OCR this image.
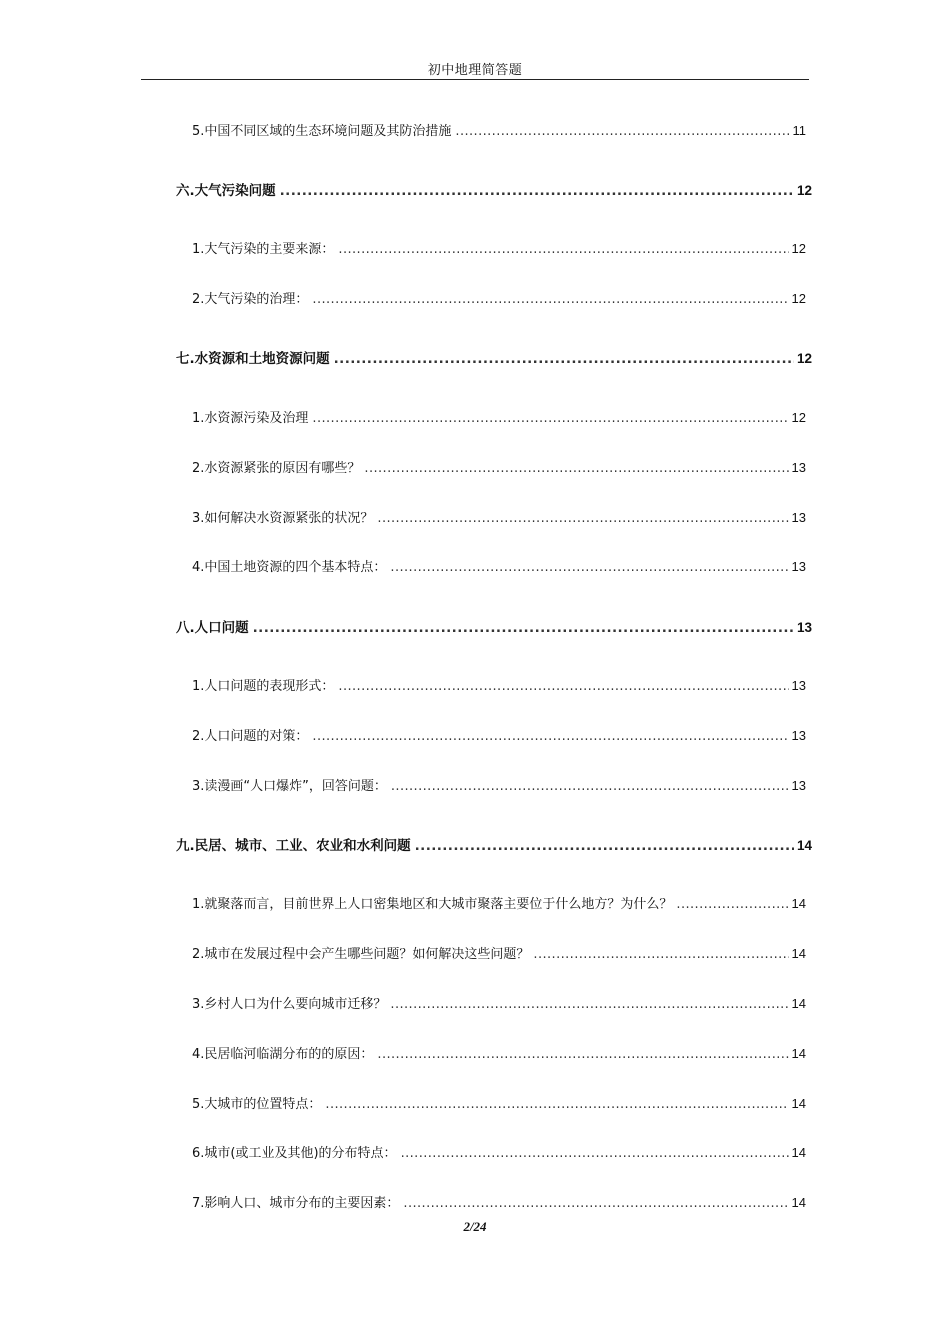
初中地理简答题
5.中国不同区域的生态环境问题及其防治措施 .....	11
六.大气污染问题 .....	12
1.大气污染的主要来源： .....	12
2.大气污染的治理： .....	12
七.水资源和土地资源问题 .....	12
1.水资源污染及治理 .....	12
2.水资源紧张的原因有哪些？ .....	13
3.如何解决水资源紧张的状况？ .....	13
4.中国土地资源的四个基本特点： .....	13
八.人口问题 .....	13
1.人口问题的表现形式： .....	13
2.人口问题的对策： .....	13
3.读漫画“人口爆炸”，回答问题： .....	13
九.民居、城市、工业、农业和水利问题 .....	14
1.就聚落而言，目前世界上人口密集地区和大城市聚落主要位于什么地方？为什么？ .....	14
2.城市在发展过程中会产生哪些问题？如何解决这些问题？ .....	14
3.乡村人口为什么要向城市迁移？ .....	14
4.民居临河临湖分布的的原因： .....	14
5.大城市的位置特点： .....	14
6.城市(或工业及其他)的分布特点： .....	14
7.影响人口、城市分布的主要因素： .....	14
2/24
